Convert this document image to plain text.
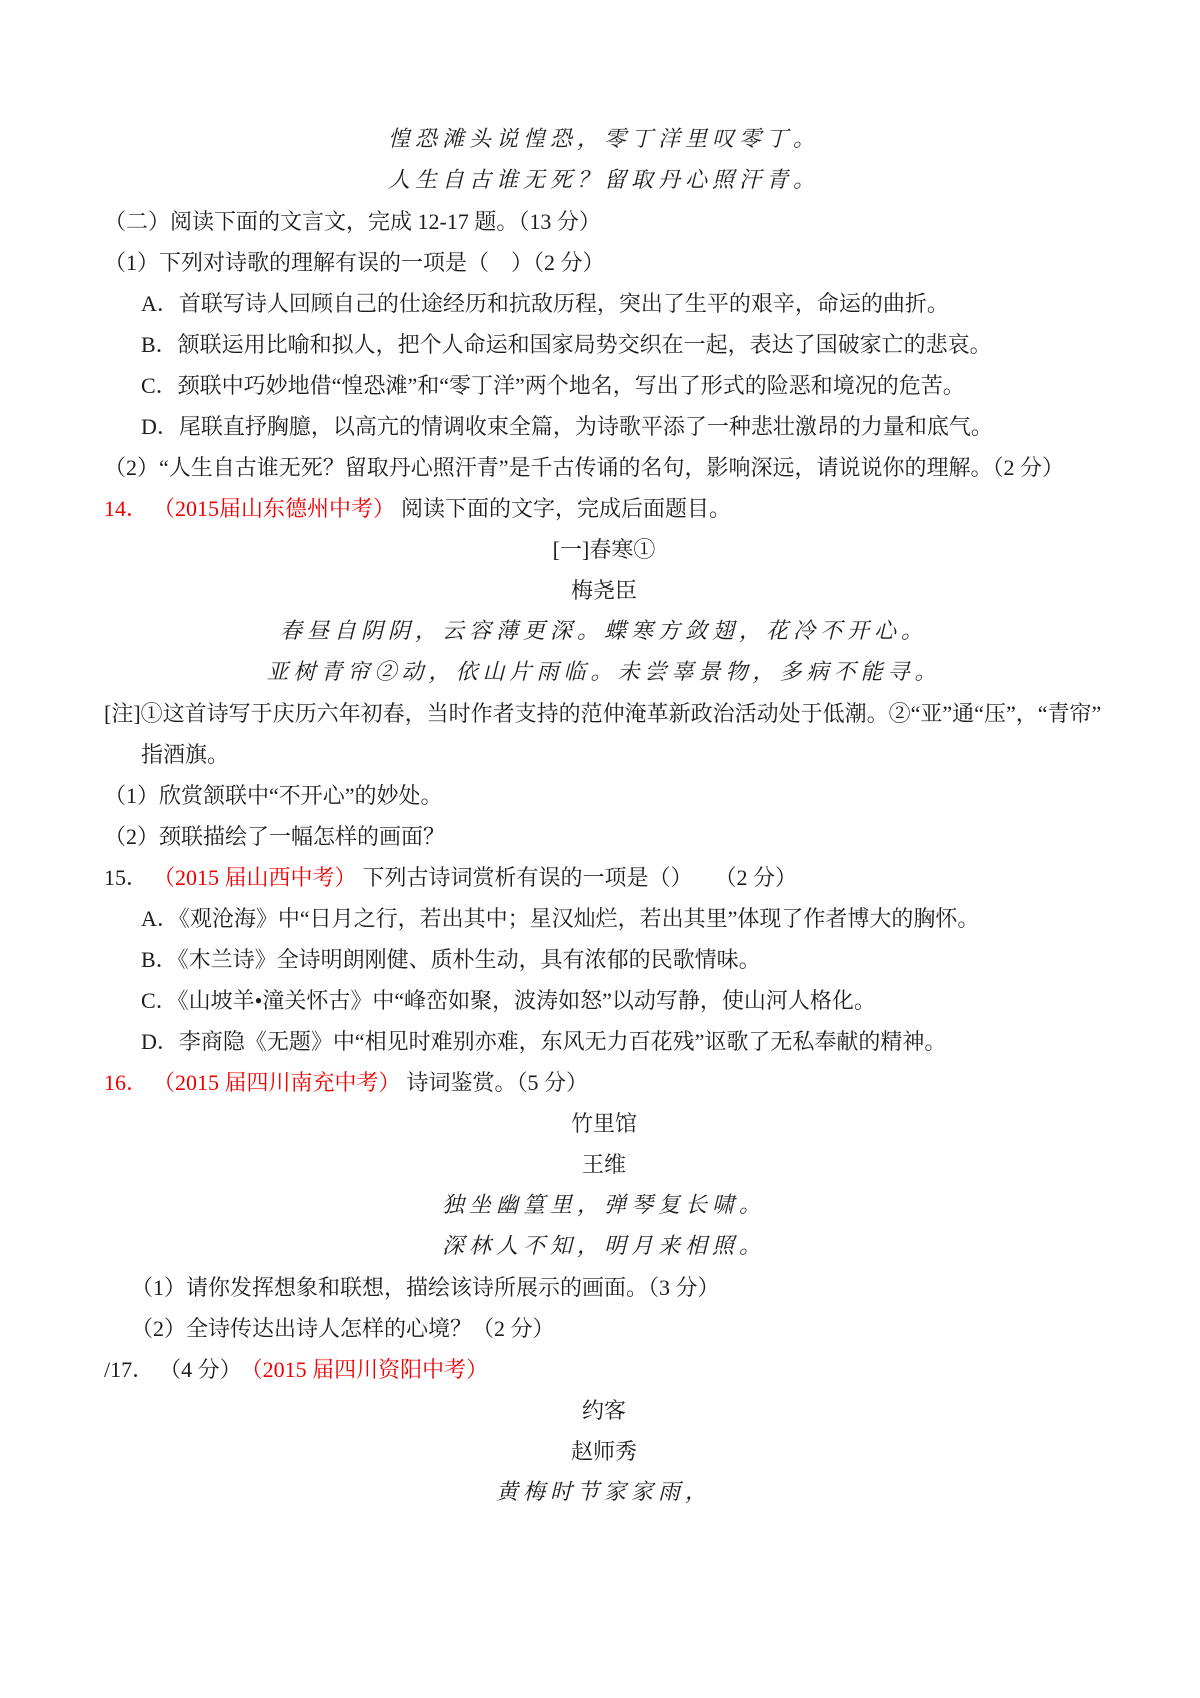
惶恐滩头说惶恐，零丁洋里叹零丁。

人生自古谁无死？留取丹心照汗青。

（二）阅读下面的文言文，完成 12-17 题。（13 分）

（1）下列对诗歌的理解有误的一项是（　）（2 分）

A．首联写诗人回顾自己的仕途经历和抗敌历程，突出了生平的艰辛，命运的曲折。

B．颔联运用比喻和拟人，把个人命运和国家局势交织在一起，表达了国破家亡的悲哀。

C．颈联中巧妙地借“惶恐滩”和“零丁洋”两个地名，写出了形式的险恶和境况的危苦。

D．尾联直抒胸臆，以高亢的情调收束全篇，为诗歌平添了一种悲壮激昂的力量和底气。

（2）“人生自古谁无死？留取丹心照汗青”是千古传诵的名句，影响深远，请说说你的理解。（2 分）

14． （2015届山东德州中考） 阅读下面的文字，完成后面题目。

[一]春寒①

梅尧臣

春昼自阴阴，云容薄更深。蝶寒方敛翅，花冷不开心。

亚树青帘②动，依山片雨临。未尝辜景物，多病不能寻。

[注]①这首诗写于庆历六年初春，当时作者支持的范仲淹革新政治活动处于低潮。②“亚”通“压”，“青帘”

指酒旗。

（1）欣赏颔联中“不开心”的妙处。

（2）颈联描绘了一幅怎样的画面？

15． （2015 届山西中考） 下列古诗词赏析有误的一项是（）　　（2 分）

A．《观沧海》中“日月之行，若出其中；星汉灿烂，若出其里”体现了作者博大的胸怀。

B．《木兰诗》全诗明朗刚健、质朴生动，具有浓郁的民歌情味。

C．《山坡羊•潼关怀古》中“峰峦如聚，波涛如怒”以动写静，使山河人格化。

D．李商隐《无题》中“相见时难别亦难，东风无力百花残”讴歌了无私奉献的精神。

16． （2015 届四川南充中考） 诗词鉴赏。（5 分）

竹里馆

王维

独坐幽篁里，弹琴复长啸。

深林人不知，明月来相照。

（1）请你发挥想象和联想，描绘该诗所展示的画面。（3 分）

（2）全诗传达出诗人怎样的心境？（2 分）

/17． （4 分） （2015 届四川资阳中考）

约客

赵师秀

黄梅时节家家雨，
